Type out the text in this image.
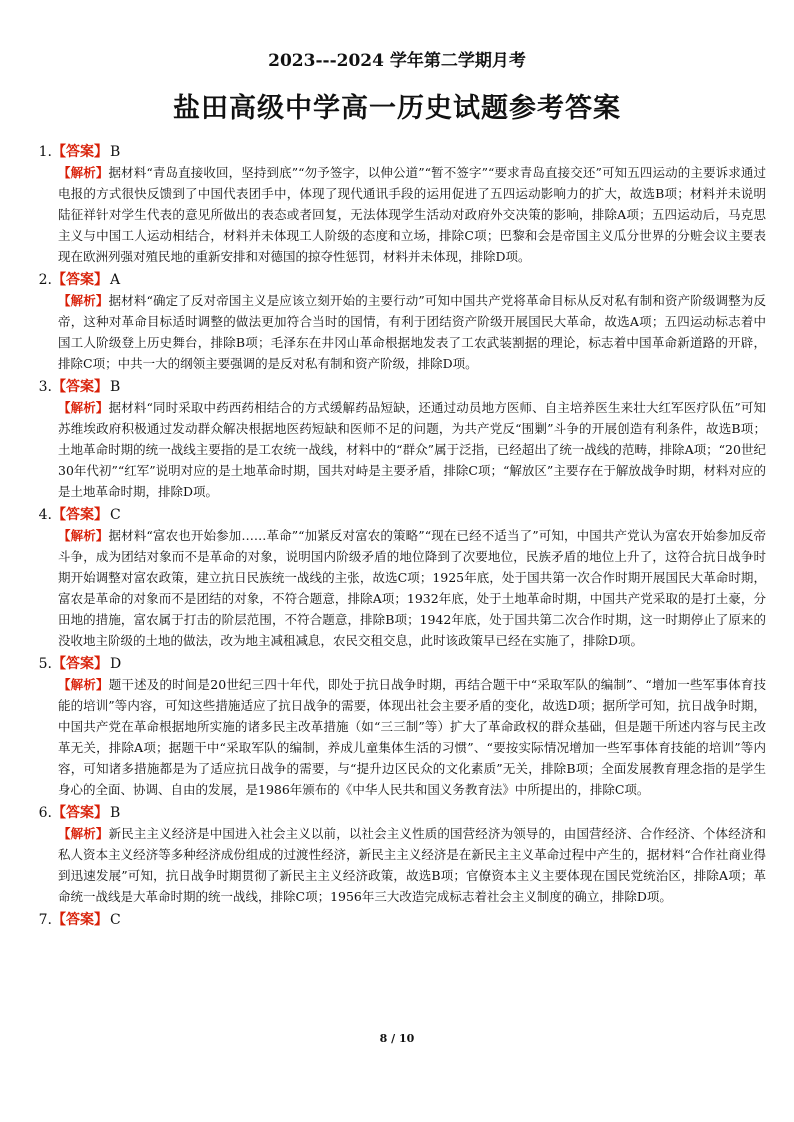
2023---2024 学年第二学期月考
盐田高级中学高一历史试题参考答案
1.【答案】 B
【解析】据材料“青岛直接收回，坚持到底”“勿予签字，以伸公道”“暂不签字”“要求青岛直接交还”可知五四运动的主要诉求通过电报的方式很快反馈到了中国代表团手中，体现了现代通讯手段的运用促进了五四运动影响力的扩大，故选B项；材料并未说明陆征祥针对学生代表的意见所做出的表态或者回复，无法体现学生活动对政府外交决策的影响，排除A项；五四运动后，马克思主义与中国工人运动相结合，材料并未体现工人阶级的态度和立场，排除C项；巴黎和会是帝国主义瓜分世界的分赃会议主要表现在欧洲列强对殖民地的重新安排和对德国的掠夺性惩罚，材料并未体现，排除D项。
2.【答案】 A
【解析】据材料“确定了反对帝国主义是应该立刻开始的主要行动”可知中国共产党将革命目标从反对私有制和资产阶级调整为反帝，这种对革命目标适时调整的做法更加符合当时的国情，有利于团结资产阶级开展国民大革命，故选A项；五四运动标志着中国工人阶级登上历史舞台，排除B项；毛泽东在井冈山革命根据地发表了工农武装割据的理论，标志着中国革命新道路的开辟，排除C项；中共一大的纲领主要强调的是反对私有制和资产阶级，排除D项。
3.【答案】 B
【解析】据材料“同时采取中药西药相结合的方式缓解药品短缺，还通过动员地方医师、自主培养医生来壮大红军医疗队伍”可知苏维埃政府积极通过发动群众解决根据地医药短缺和医师不足的问题，为共产党反“围剿”斗争的开展创造有利条件，故选B项；土地革命时期的统一战线主要指的是工农统一战线，材料中的“群众”属于泛指，已经超出了统一战线的范畴，排除A项；“20世纪30年代初”“红军”说明对应的是土地革命时期，国共对峙是主要矛盾，排除C项；“解放区”主要存在于解放战争时期，材料对应的是土地革命时期，排除D项。
4.【答案】 C
【解析】据材料“富农也开始参加……革命”“加紧反对富农的策略”“现在已经不适当了”可知，中国共产党认为富农开始参加反帝斗争，成为团结对象而不是革命的对象，说明国内阶级矛盾的地位降到了次要地位，民族矛盾的地位上升了，这符合抗日战争时期开始调整对富农政策，建立抗日民族统一战线的主张，故选C项；1925年底，处于国共第一次合作时期开展国民大革命时期，富农是革命的对象而不是团结的对象，不符合题意，排除A项；1932年底，处于土地革命时期，中国共产党采取的是打土豪，分田地的措施，富农属于打击的阶层范围，不符合题意，排除B项；1942年底，处于国共第二次合作时期，这一时期停止了原来的没收地主阶级的土地的做法，改为地主减租减息，农民交租交息，此时该政策早已经在实施了，排除D项。
5.【答案】 D
【解析】题干述及的时间是20世纪三四十年代，即处于抗日战争时期，再结合题干中“采取军队的编制”、“增加一些军事体育技能的培训”等内容，可知这些措施适应了抗日战争的需要，体现出社会主要矛盾的变化，故选D项；据所学可知，抗日战争时期，中国共产党在革命根据地所实施的诸多民主改革措施（如“三三制”等）扩大了革命政权的群众基础，但是题干所述内容与民主改革无关，排除A项；据题干中“采取军队的编制，养成儿童集体生活的习惯”、“要按实际情况增加一些军事体育技能的培训”等内容，可知诸多措施都是为了适应抗日战争的需要，与“提升边区民众的文化素质”无关，排除B项；全面发展教育理念指的是学生身心的全面、协调、自由的发展，是1986年颁布的《中华人民共和国义务教育法》中所提出的，排除C项。
6.【答案】 B
【解析】新民主主义经济是中国进入社会主义以前，以社会主义性质的国营经济为领导的，由国营经济、合作经济、个体经济和私人资本主义经济等多种经济成份组成的过渡性经济，新民主主义经济是在新民主主义革命过程中产生的，据材料“合作社商业得到迅速发展”可知，抗日战争时期贯彻了新民主主义经济政策，故选B项；官僚资本主义主要体现在国民党统治区，排除A项；革命统一战线是大革命时期的统一战线，排除C项；1956年三大改造完成标志着社会主义制度的确立，排除D项。
7.【答案】 C
8 / 10
